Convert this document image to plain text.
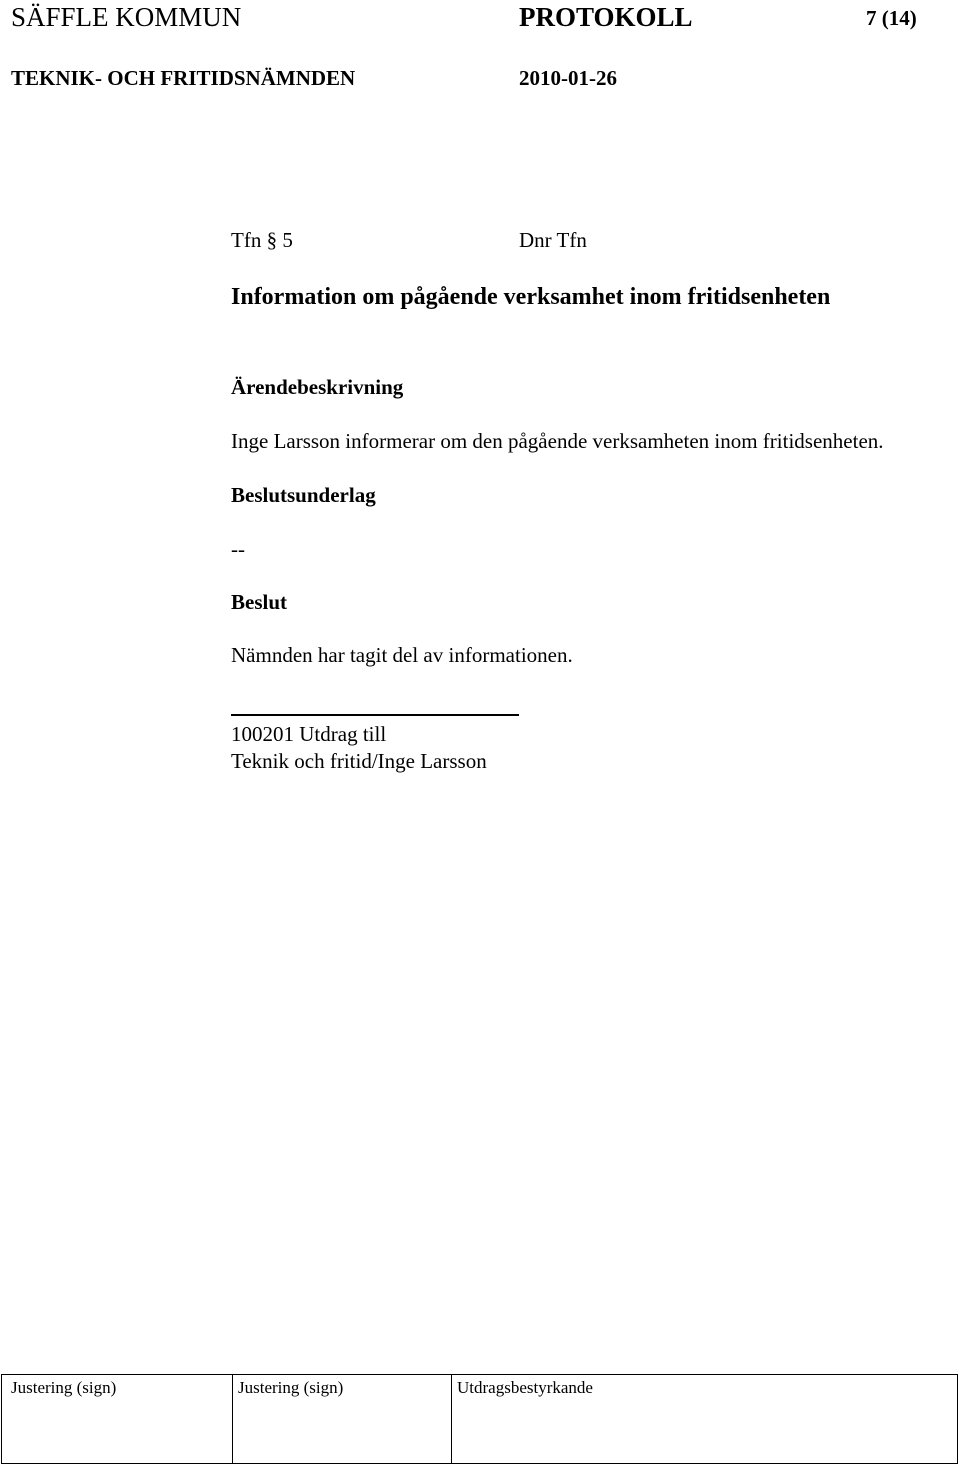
SÄFFLE KOMMUN	PROTOKOLL	7 (14)
TEKNIK- OCH FRITIDSNÄMNDEN	2010-01-26
Tfn § 5	Dnr Tfn
Information om pågående verksamhet inom fritidsenheten
Ärendebeskrivning
Inge Larsson informerar om den pågående verksamheten inom fritidsenheten.
Beslutsunderlag
--
Beslut
Nämnden har tagit del av informationen.
100201 Utdrag till
Teknik och fritid/Inge Larsson
Justering (sign)	Justering (sign)	Utdragsbestyrkande
